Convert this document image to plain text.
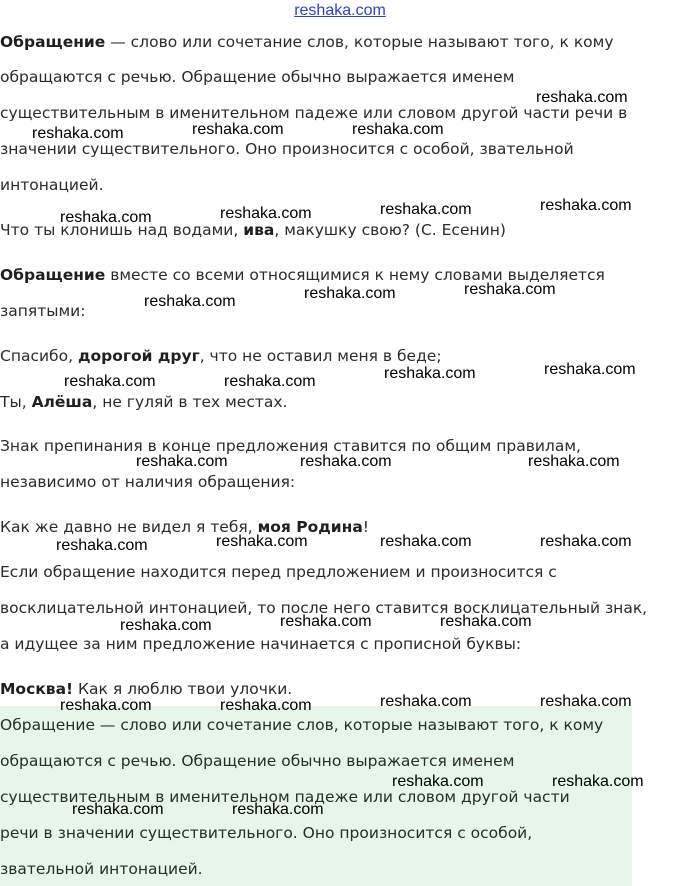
reshaka.com
Обращение — слово или сочетание слов, которые называют того, к кому
обращаются с речью. Обращение обычно выражается именем
существительным в именительном падеже или словом другой части речи в
значении существительного. Оно произносится с особой, звательной
интонацией.
Что ты клонишь над водами, ива, макушку свою? (С. Есенин)
Обращение вместе со всеми относящимися к нему словами выделяется
запятыми:
Спасибо, дорогой друг, что не оставил меня в беде;
Ты, Алёша, не гуляй в тех местах.
Знак препинания в конце предложения ставится по общим правилам,
независимо от наличия обращения:
Как же давно не видел я тебя, моя Родина!
Если обращение находится перед предложением и произносится с
восклицательной интонацией, то после него ставится восклицательный знак,
а идущее за ним предложение начинается с прописной буквы:
Москва! Как я люблю твои улочки.
Обращение — слово или сочетание слов, которые называют того, к кому
обращаются с речью. Обращение обычно выражается именем
существительным в именительном падеже или словом другой части
речи в значении существительного. Оно произносится с особой,
звательной интонацией.
reshaka.com
reshaka.com	reshaka.com	reshaka.com
reshaka.com	reshaka.com	reshaka.com	reshaka.com
reshaka.com	reshaka.com	reshaka.com
reshaka.com	reshaka.com	reshaka.com	reshaka.com
reshaka.com	reshaka.com	reshaka.com
reshaka.com	reshaka.com	reshaka.com	reshaka.com
reshaka.com	reshaka.com	reshaka.com
reshaka.com	reshaka.com	reshaka.com	reshaka.com
reshaka.com	reshaka.com
reshaka.com	reshaka.com
